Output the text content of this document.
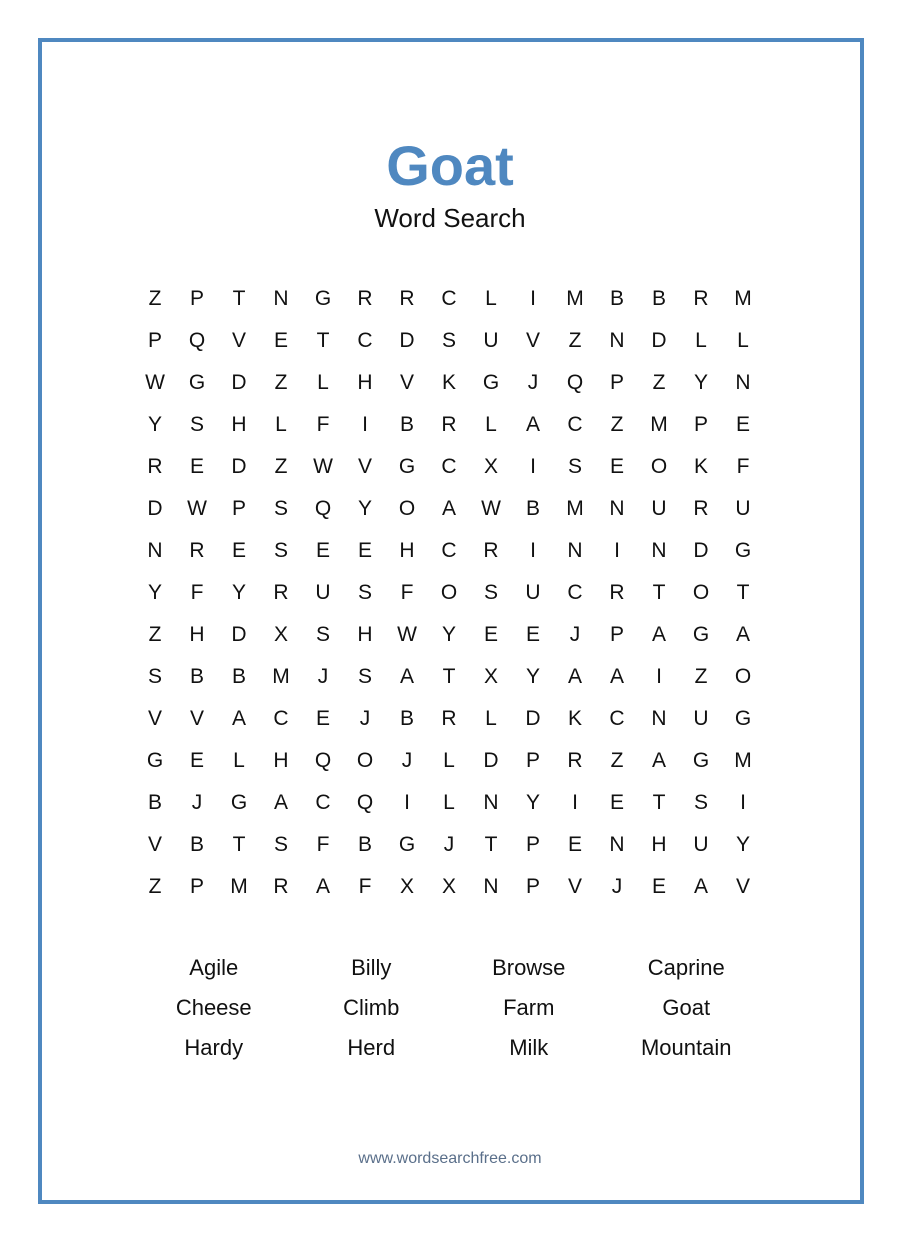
Goat
Word Search
Z	P	T	N	G	R	R	C	L	I	M	B	B	R	M
P	Q	V	E	T	C	D	S	U	V	Z	N	D	L	L
W	G	D	Z	L	H	V	K	G	J	Q	P	Z	Y	N
Y	S	H	L	F	I	B	R	L	A	C	Z	M	P	E
R	E	D	Z	W	V	G	C	X	I	S	E	O	K	F
D	W	P	S	Q	Y	O	A	W	B	M	N	U	R	U
N	R	E	S	E	E	H	C	R	I	N	I	N	D	G
Y	F	Y	R	U	S	F	O	S	U	C	R	T	O	T
Z	H	D	X	S	H	W	Y	E	E	J	P	A	G	A
S	B	B	M	J	S	A	T	X	Y	A	A	I	Z	O
V	V	A	C	E	J	B	R	L	D	K	C	N	U	G
G	E	L	H	Q	O	J	L	D	P	R	Z	A	G	M
B	J	G	A	C	Q	I	L	N	Y	I	E	T	S	I
V	B	T	S	F	B	G	J	T	P	E	N	H	U	Y
Z	P	M	R	A	F	X	X	N	P	V	J	E	A	V
Agile	Billy	Browse	Caprine
Cheese	Climb	Farm	Goat
Hardy	Herd	Milk	Mountain
www.wordsearchfree.com
